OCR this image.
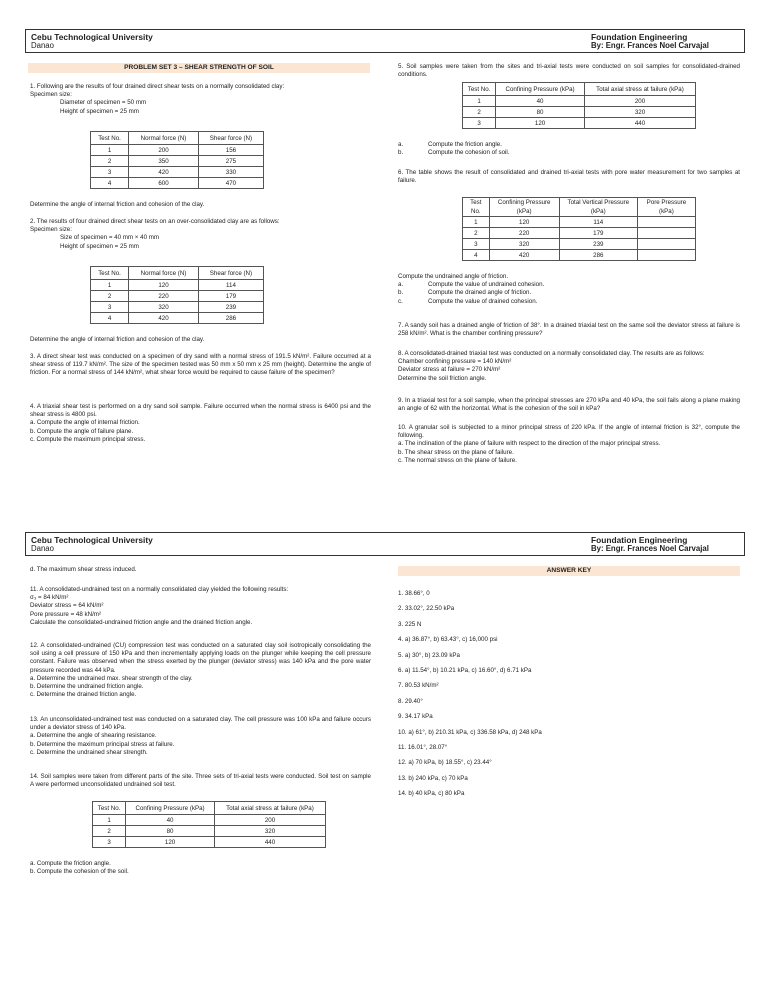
Cebu Technological University
Danao
Foundation Engineering
By: Engr. Frances Noel Carvajal
PROBLEM SET 3 – SHEAR STRENGTH OF SOIL

1. Following are the results of four drained direct shear tests on a normally consolidated clay:

Specimen size:

Diameter of specimen = 50 mm

Height of specimen = 25 mm

Test No.	Normal force (N)	Shear force (N)
1	200	156
2	350	275
3	420	330
4	600	470
Determine the angle of internal friction and cohesion of the clay.

2. The results of four drained direct shear tests on an over-consolidated clay are as follows:

Specimen size:

Size of specimen = 40 mm × 40 mm

Height of specimen = 25 mm

Test No.	Normal force (N)	Shear force (N)
1	120	114
2	220	179
3	320	239
4	420	286
Determine the angle of internal friction and cohesion of the clay.
3. A direct shear test was conducted on a specimen of dry sand with a normal stress of 191.5 kN/m². Failure occurred at a shear stress of 119.7 kN/m². The size of the specimen tested was 50 mm x 50 mm x 25 mm (height). Determine the angle of friction. For a normal stress of 144 kN/m², what shear force would be required to cause failure of the specimen?

4. A triaxial shear test is performed on a dry sand soil sample. Failure occurred when the normal stress is 6400 psi and the shear stress is 4800 psi.

a. Compute the angle of internal friction.

b. Compute the angle of failure plane.

c. Compute the maximum principal stress.

5. Soil samples were taken from the sites and tri-axial tests were conducted on soil samples for consolidated-drained conditions.
Test No.	Confining Pressure (kPa)	Total axial stress at failure (kPa)
1	40	200
2	80	320
3	120	440
a.	Compute the friction angle.
b.	Compute the cohesion of soil.
6. The table shows the result of consolidated and drained tri-axial tests with pore water measurement for two samples at failure.
Test No.	Confining Pressure (kPa)	Total Vertical Pressure (kPa)	Pore Pressure (kPa)
1	120	114	
2	220	179	
3	320	239	
4	420	286	

Compute the undrained angle of friction.

a.	Compute the value of undrained cohesion.
b.	Compute the drained angle of friction.
c.	Compute the value of drained cohesion.
7. A sandy soil has a drained angle of friction of 38°. In a drained triaxial test on the same soil the deviator stress at failure is 258 kN/m². What is the chamber confining pressure?

8. A consolidated-drained triaxial test was conducted on a normally consolidated clay. The results are as follows:

Chamber confining pressure = 140 kN/m²

Deviator stress at failure = 270 kN/m²

Determine the soil friction angle.

9. In a triaxial test for a soil sample, when the principal stresses are 270 kPa and 40 kPa, the soil fails along a plane making an angle of 62 with the horizontal. What is the cohesion of the soil in kPa?

10. A granular soil is subjected to a minor principal stress of 220 kPa. If the angle of internal friction is 32°, compute the following.

a. The inclination of the plane of failure with respect to the direction of the major principal stress.

b. The shear stress on the plane of failure.

c. The normal stress on the plane of failure.

Cebu Technological University
Danao
Foundation Engineering
By: Engr. Frances Noel Carvajal
d. The maximum shear stress induced.

11. A consolidated-undrained test on a normally consolidated clay yielded the following results:

σ₃ = 84 kN/m²

Deviator stress = 64 kN/m²

Pore pressure = 48 kN/m²

Calculate the consolidated-undrained friction angle and the drained friction angle.

12. A consolidated-undrained (CU) compression test was conducted on a saturated clay soil isotropically consolidating the soil using a cell pressure of 150 kPa and then incrementally applying loads on the plunger while keeping the cell pressure constant. Failure was observed when the stress exerted by the plunger (deviator stress) was 140 kPa and the pore water pressure recorded was 44 kPa.

a. Determine the undrained max. shear strength of the clay.

b. Determine the undrained friction angle.

c. Determine the drained friction angle.

13. An unconsolidated-undrained test was conducted on a saturated clay. The cell pressure was 100 kPa and failure occurs under a deviator stress of 140 kPa.

a. Determine the angle of shearing resistance.

b. Determine the maximum principal stress at failure.

c. Determine the undrained shear strength.

14. Soil samples were taken from different parts of the site. Three sets of tri-axial tests were conducted. Soil test on sample A were performed unconsolidated undrained soil test.
Test No.	Confining Pressure (kPa)	Total axial stress at failure (kPa)
1	40	200
2	80	320
3	120	440

a. Compute the friction angle.

b. Compute the cohesion of the soil.

ANSWER KEY

1. 38.66°, 0

2. 33.02°, 22.50 kPa

3. 225 N

4. a) 36.87°, b) 63.43°, c) 16,000 psi

5. a) 30°, b) 23.09 kPa

6. a) 11.54°, b) 10.21 kPa, c) 16.60°, d) 6.71 kPa

7. 80.53 kN/m²

8. 29.40°

9. 34.17 kPa

10. a) 61°, b) 210.31 kPa, c) 336.58 kPa, d) 248 kPa

11. 16.01°, 28.07°

12. a) 70 kPa, b) 18.55°, c) 23.44°

13. b) 240 kPa, c) 70 kPa

14. b) 40 kPa, c) 80 kPa
